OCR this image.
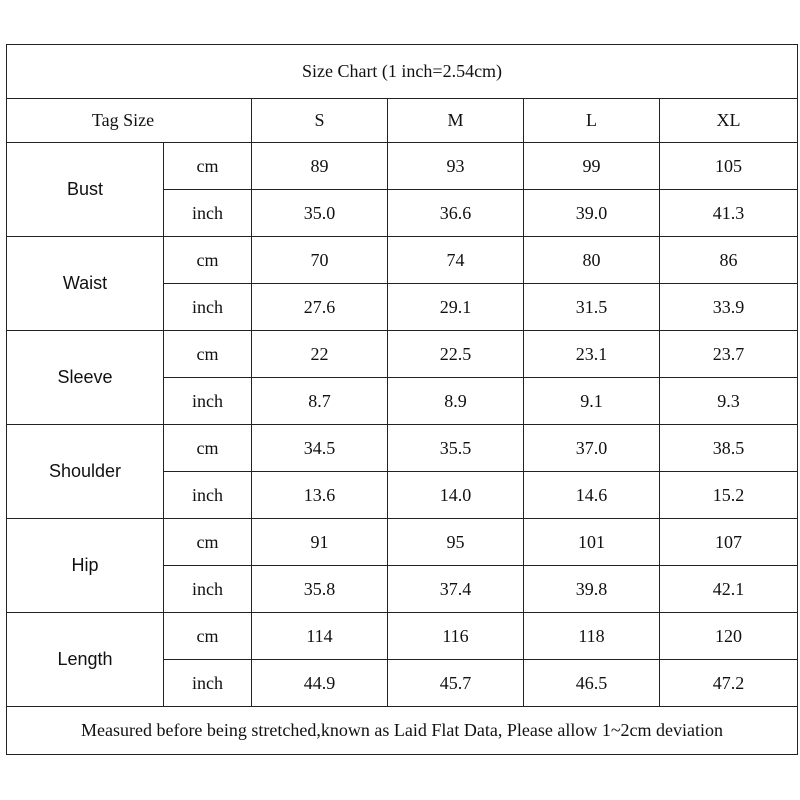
Size Chart (1 inch=2.54cm)					
Tag Size		S	M	L	XL
Bust	cm	89	93	99	105
	inch	35.0	36.6	39.0	41.3
Waist	cm	70	74	80	86
	inch	27.6	29.1	31.5	33.9
Sleeve	cm	22	22.5	23.1	23.7
	inch	8.7	8.9	9.1	9.3
Shoulder	cm	34.5	35.5	37.0	38.5
	inch	13.6	14.0	14.6	15.2
Hip	cm	91	95	101	107
	inch	35.8	37.4	39.8	42.1
Length	cm	114	116	118	120
	inch	44.9	45.7	46.5	47.2
Measured before being stretched,known as Laid Flat Data, Please allow 1~2cm deviation					
